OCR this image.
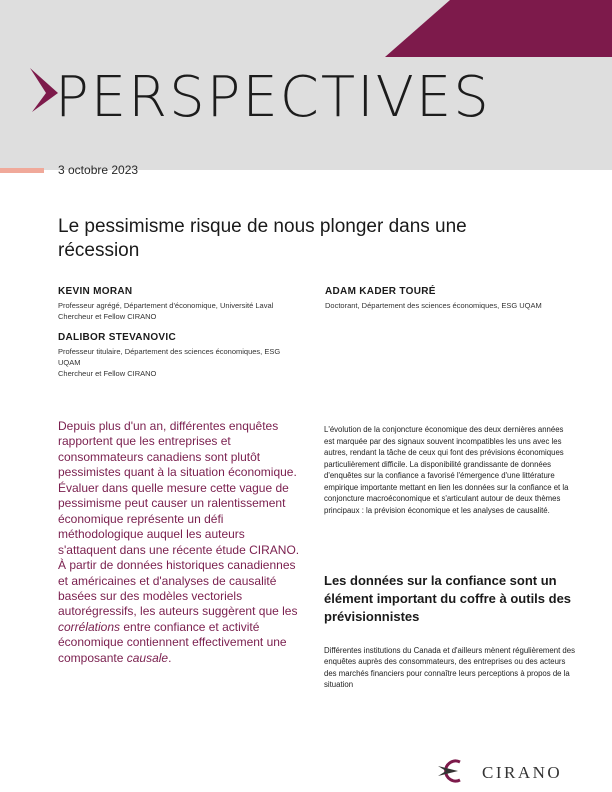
PERSPECTIVES

3 octobre 2023

Le pessimisme risque de nous plonger dans une récession

KEVIN MORAN

Professeur agrégé, Département d'économique, Université Laval

Chercheur et Fellow CIRANO

DALIBOR STEVANOVIC

Professeur titulaire, Département des sciences économiques, ESG UQAM

Chercheur et Fellow CIRANO

ADAM KADER TOURÉ

Doctorant, Département des sciences économiques, ESG UQAM

Depuis plus d'un an, différentes enquêtes rapportent que les entreprises et consommateurs canadiens sont plutôt pessimistes quant à la situation économique. Évaluer dans quelle mesure cette vague de pessimisme peut causer un ralentissement économique représente un défi méthodologique auquel les auteurs s'attaquent dans une récente étude CIRANO. À partir de données historiques canadiennes et américaines et d'analyses de causalité basées sur des modèles vectoriels autorégressifs, les auteurs suggèrent que les corrélations entre confiance et activité économique contiennent effectivement une composante causale.

L'évolution de la conjoncture économique des deux dernières années est marquée par des signaux souvent incompatibles les uns avec les autres, rendant la tâche de ceux qui font des prévisions économiques particulièrement difficile. La disponibilité grandissante de données d'enquêtes sur la confiance a favorisé l'émergence d'une littérature empirique importante mettant en lien les données sur la confiance et la conjoncture macroéconomique et s'articulant autour de deux thèmes principaux : la prévision économique et les analyses de causalité.

Les données sur la confiance sont un élément important du coffre à outils des prévisionnistes

Différentes institutions du Canada et d'ailleurs mènent régulièrement des enquêtes auprès des consommateurs, des entreprises ou des acteurs des marchés financiers pour connaître leurs perceptions à propos de la situation

CIRANO
